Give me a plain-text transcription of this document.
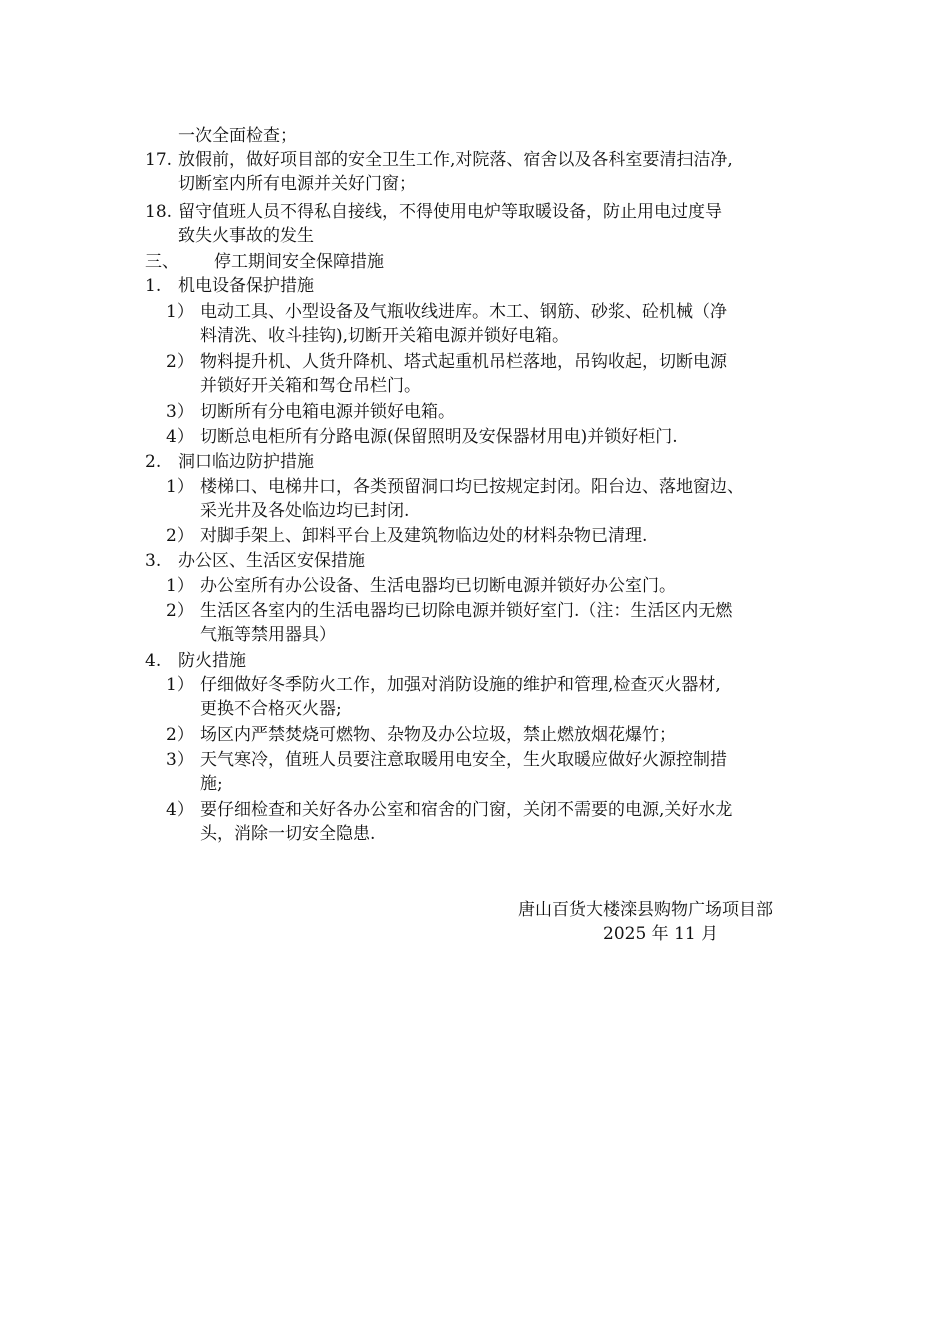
一次全面检查；
17. 放假前，做好项目部的安全卫生工作,对院落、宿舍以及各科室要清扫洁净,
切断室内所有电源并关好门窗；
18. 留守值班人员不得私自接线，不得使用电炉等取暖设备，防止用电过度导
致失火事故的发生
三、 停工期间安全保障措施
1. 机电设备保护措施
1） 电动工具、小型设备及气瓶收线进库。木工、钢筋、砂浆、砼机械（净
料清洗、收斗挂钩),切断开关箱电源并锁好电箱。
2） 物料提升机、人货升降机、塔式起重机吊栏落地，吊钩收起，切断电源
并锁好开关箱和驾仓吊栏门。
3） 切断所有分电箱电源并锁好电箱。
4） 切断总电柜所有分路电源(保留照明及安保器材用电)并锁好柜门.
2. 洞口临边防护措施
1） 楼梯口、电梯井口，各类预留洞口均已按规定封闭。阳台边、落地窗边、
采光井及各处临边均已封闭.
2） 对脚手架上、卸料平台上及建筑物临边处的材料杂物已清理.
3. 办公区、生活区安保措施
1） 办公室所有办公设备、生活电器均已切断电源并锁好办公室门。
2） 生活区各室内的生活电器均已切除电源并锁好室门.（注：生活区内无燃
气瓶等禁用器具）
4. 防火措施
1） 仔细做好冬季防火工作，加强对消防设施的维护和管理,检查灭火器材,
更换不合格灭火器;
2） 场区内严禁焚烧可燃物、杂物及办公垃圾，禁止燃放烟花爆竹；
3） 天气寒冷，值班人员要注意取暖用电安全，生火取暖应做好火源控制措
施;
4） 要仔细检查和关好各办公室和宿舍的门窗，关闭不需要的电源,关好水龙
头，消除一切安全隐患.
唐山百货大楼滦县购物广场项目部
2025 年 11 月
